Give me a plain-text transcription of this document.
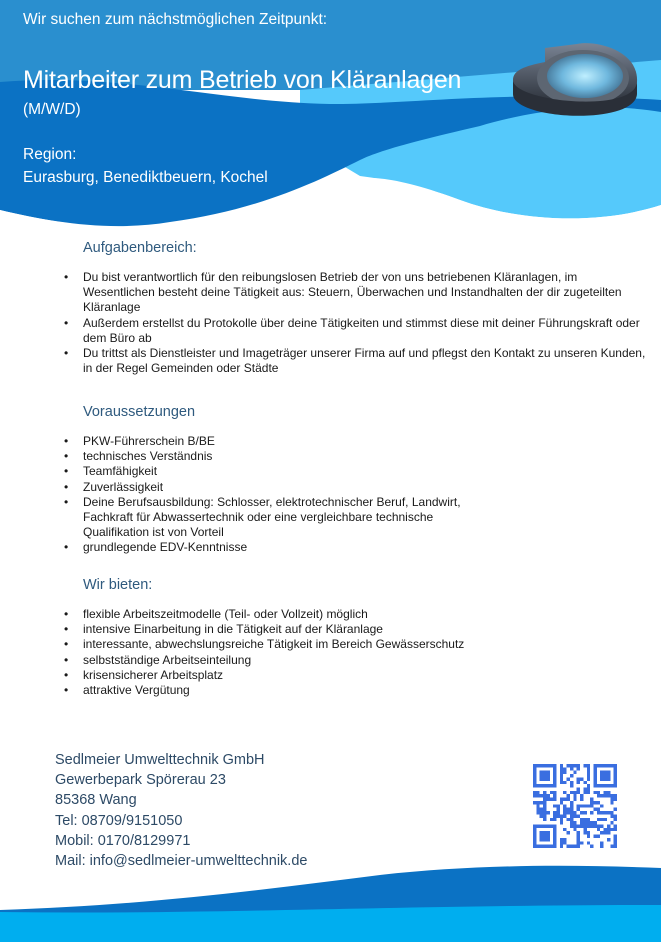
Wir suchen zum nächstmöglichen Zeitpunkt:
Mitarbeiter zum Betrieb von Kläranlagen
(M/W/D)
Region:
Eurasburg, Benediktbeuern, Kochel
Aufgabenbereich:
• Du bist verantwortlich für den reibungslosen Betrieb der von uns betriebenen Kläranlagen, im Wesentlichen besteht deine Tätigkeit aus: Steuern, Überwachen und Instandhalten der dir zugeteilten Kläranlage
• Außerdem erstellst du Protokolle über deine Tätigkeiten und stimmst diese mit deiner Führungskraft oder dem Büro ab
• Du trittst als Dienstleister und Imageträger unserer Firma auf und pflegst den Kontakt zu unseren Kunden, in der Regel Gemeinden oder Städte
Voraussetzungen
• PKW-Führerschein B/BE
• technisches Verständnis
• Teamfähigkeit
• Zuverlässigkeit
• Deine Berufsausbildung: Schlosser, elektrotechnischer Beruf, Landwirt, Fachkraft für Abwassertechnik oder eine vergleichbare technische Qualifikation ist von Vorteil
• grundlegende EDV-Kenntnisse
Wir bieten:
• flexible Arbeitszeitmodelle (Teil- oder Vollzeit) möglich
• intensive Einarbeitung in die Tätigkeit auf der Kläranlage
• interessante, abwechslungsreiche Tätigkeit im Bereich Gewässerschutz
• selbstständige Arbeitseinteilung
• krisensicherer Arbeitsplatz
• attraktive Vergütung
Sedlmeier Umwelttechnik GmbH
Gewerbepark Spörerau 23
85368 Wang
Tel: 08709/9151050
Mobil: 0170/8129971
Mail: info@sedlmeier-umwelttechnik.de
